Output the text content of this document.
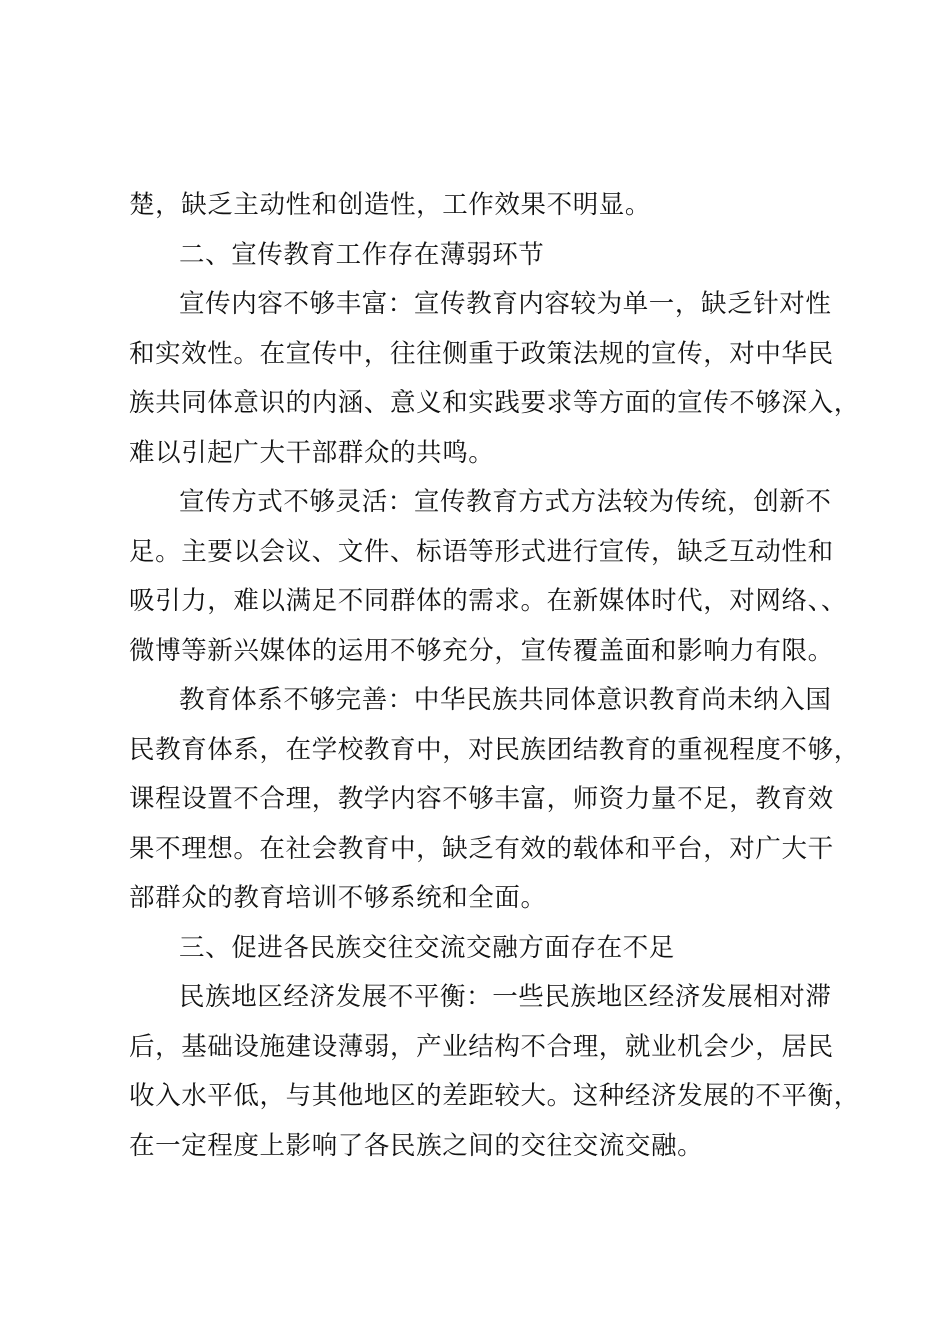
楚，缺乏主动性和创造性，工作效果不明显。
二、宣传教育工作存在薄弱环节
宣传内容不够丰富：宣传教育内容较为单一，缺乏针对性
和实效性。在宣传中，往往侧重于政策法规的宣传，对中华民
族共同体意识的内涵、意义和实践要求等方面的宣传不够深入，
难以引起广大干部群众的共鸣。
宣传方式不够灵活：宣传教育方式方法较为传统，创新不
足。主要以会议、文件、标语等形式进行宣传，缺乏互动性和
吸引力，难以满足不同群体的需求。在新媒体时代，对网络、、
微博等新兴媒体的运用不够充分，宣传覆盖面和影响力有限。
教育体系不够完善：中华民族共同体意识教育尚未纳入国
民教育体系，在学校教育中，对民族团结教育的重视程度不够，
课程设置不合理，教学内容不够丰富，师资力量不足，教育效
果不理想。在社会教育中，缺乏有效的载体和平台，对广大干
部群众的教育培训不够系统和全面。
三、促进各民族交往交流交融方面存在不足
民族地区经济发展不平衡：一些民族地区经济发展相对滞
后，基础设施建设薄弱，产业结构不合理，就业机会少，居民
收入水平低，与其他地区的差距较大。这种经济发展的不平衡，
在一定程度上影响了各民族之间的交往交流交融。
